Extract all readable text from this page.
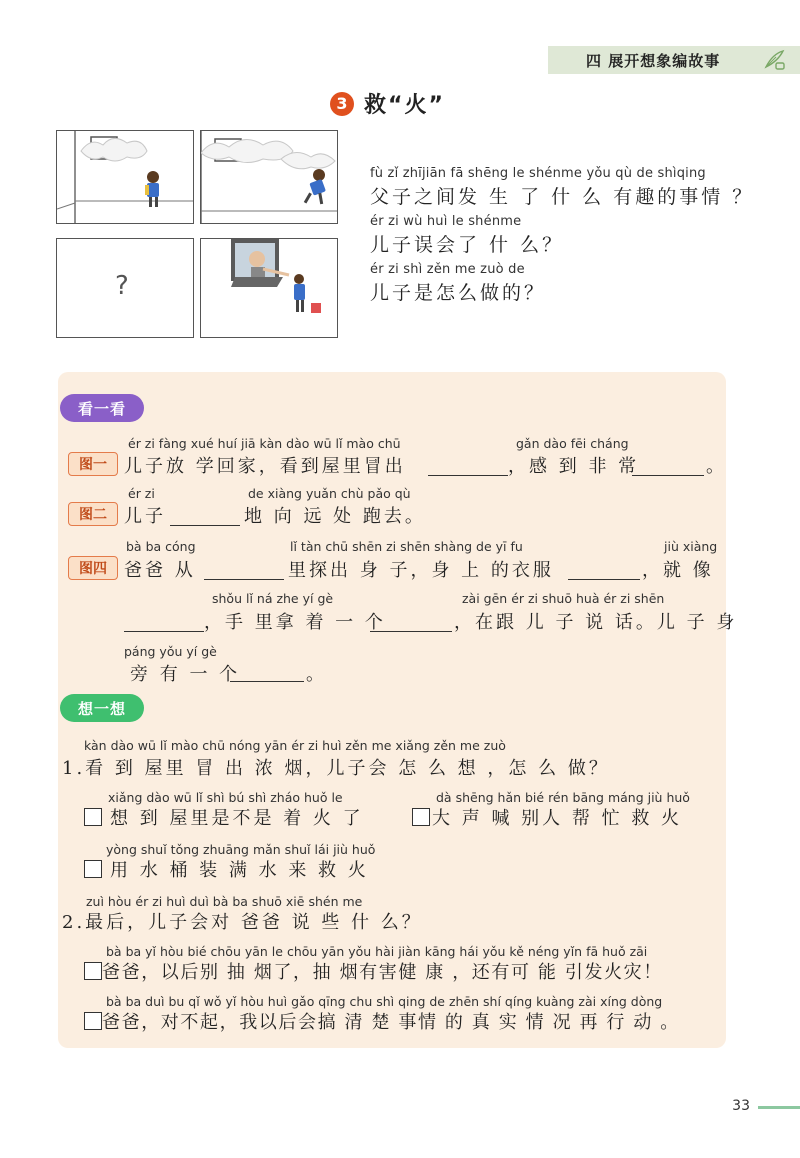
四 展开想象编故事
3 救“火”
?
fù zǐ zhījiān fā shēng le shénme yǒu qù de shìqing
父子之间发 生 了 什 么 有趣的事情 ？
ér zi wù huì le shénme
儿子误会了 什 么？
ér zi shì zěn me zuò de
儿子是怎么做的？
看一看
图一
ér zi fàng xué huí jiā kàn dào wū lǐ mào chū
儿子放 学回家，看到屋里冒出
gǎn dào fēi cháng
，感 到 非 常	。
图二
ér zi
儿子
de xiàng yuǎn chù pǎo qù
地 向 远 处 跑去。
图四
bà ba cóng
爸爸 从
lǐ tàn chū shēn zi shēn shàng de yī fu
里探出 身 子，身 上 的衣服
jiù xiàng
，就 像
shǒu lǐ ná zhe yí gè
，手 里拿 着 一 个
zài gēn ér zi shuō huà ér zi shēn
，在跟 儿 子 说 话。儿 子 身
páng yǒu yí gè
旁 有 一 个	。
想一想
kàn dào wū lǐ mào chū nóng yān ér zi huì zěn me xiǎng zěn me zuò
1.看 到 屋里 冒 出 浓 烟，儿子会 怎 么 想 ，怎 么 做？
xiǎng dào wū lǐ shì bú shì zháo huǒ le
想 到 屋里是不是 着 火 了
dà shēng hǎn bié rén bāng máng jiù huǒ
大 声 喊 别人 帮 忙 救 火
yòng shuǐ tǒng zhuāng mǎn shuǐ lái jiù huǒ
用 水 桶 装 满 水 来 救 火
zuì hòu ér zi huì duì bà ba shuō xiē shén me
2.最后，儿子会对 爸爸 说 些 什 么？
bà ba yǐ hòu bié chōu yān le chōu yān yǒu hài jiàn kāng hái yǒu kě néng yǐn fā huǒ zāi
爸爸，以后别 抽 烟了，抽 烟有害健 康 ，还有可 能 引发火灾！
bà ba duì bu qǐ wǒ yǐ hòu huì gǎo qīng chu shì qing de zhēn shí qíng kuàng zài xíng dòng
爸爸，对不起，我以后会搞 清 楚 事情 的 真 实 情 况 再 行 动 。
33
